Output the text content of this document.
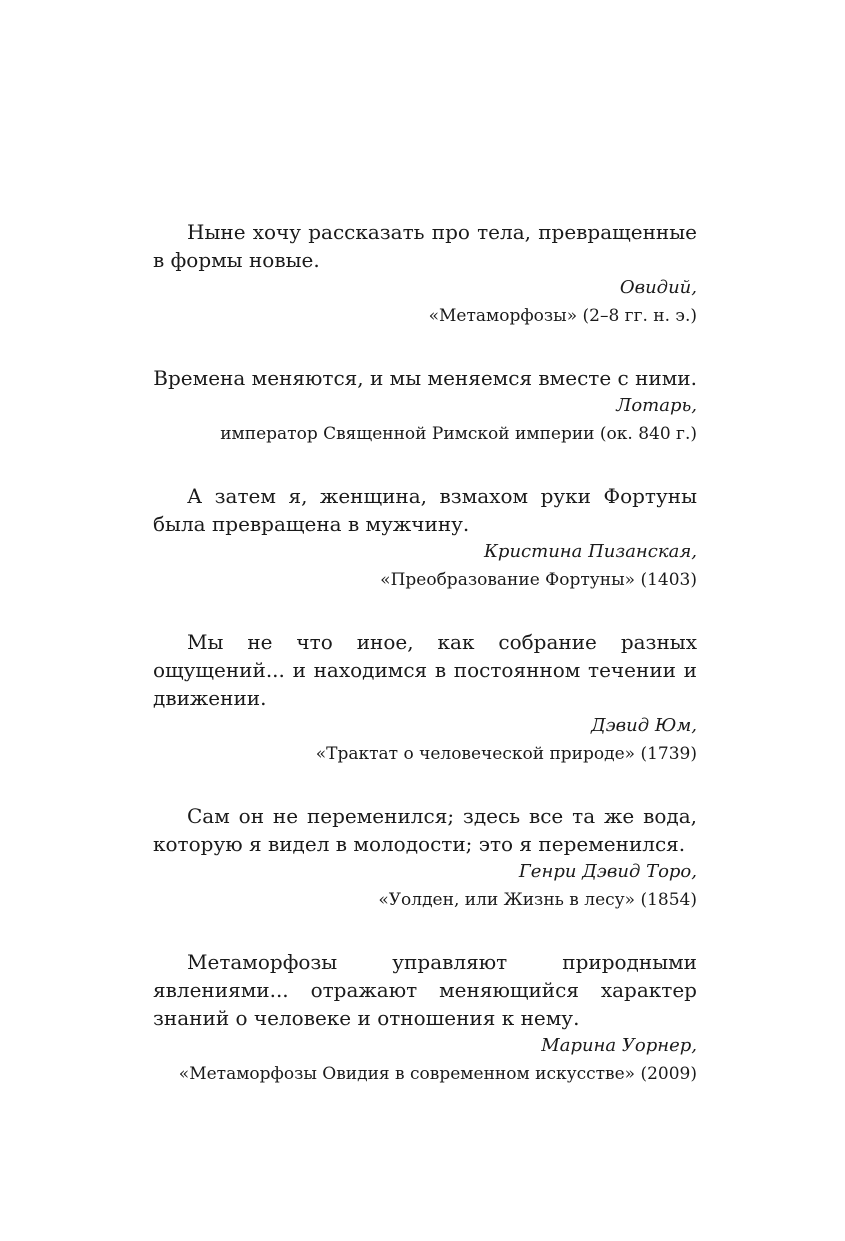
Ныне хочу рассказать про тела, превращенные в формы новые.

Овидий,

«Метаморфозы» (2–8 гг. н. э.)

Времена меняются, и мы меняемся вместе с ними.

Лотарь,

император Священной Римской империи (ок. 840 г.)

А затем я, женщина, взмахом руки Фортуны была превращена в мужчину.

Кристина Пизанская,

«Преобразование Фортуны» (1403)

Мы не что иное, как собрание разных ощущений... и находимся в постоянном течении и движении.

Дэвид Юм,

«Трактат о человеческой природе» (1739)

Сам он не переменился; здесь все та же вода, которую я видел в молодости; это я переменился.

Генри Дэвид Торо,

«Уолден, или Жизнь в лесу» (1854)

Метаморфозы управляют природными явлениями... отражают меняющийся характер знаний о человеке и отношения к нему.

Марина Уорнер,

«Метаморфозы Овидия в современном искусстве» (2009)
